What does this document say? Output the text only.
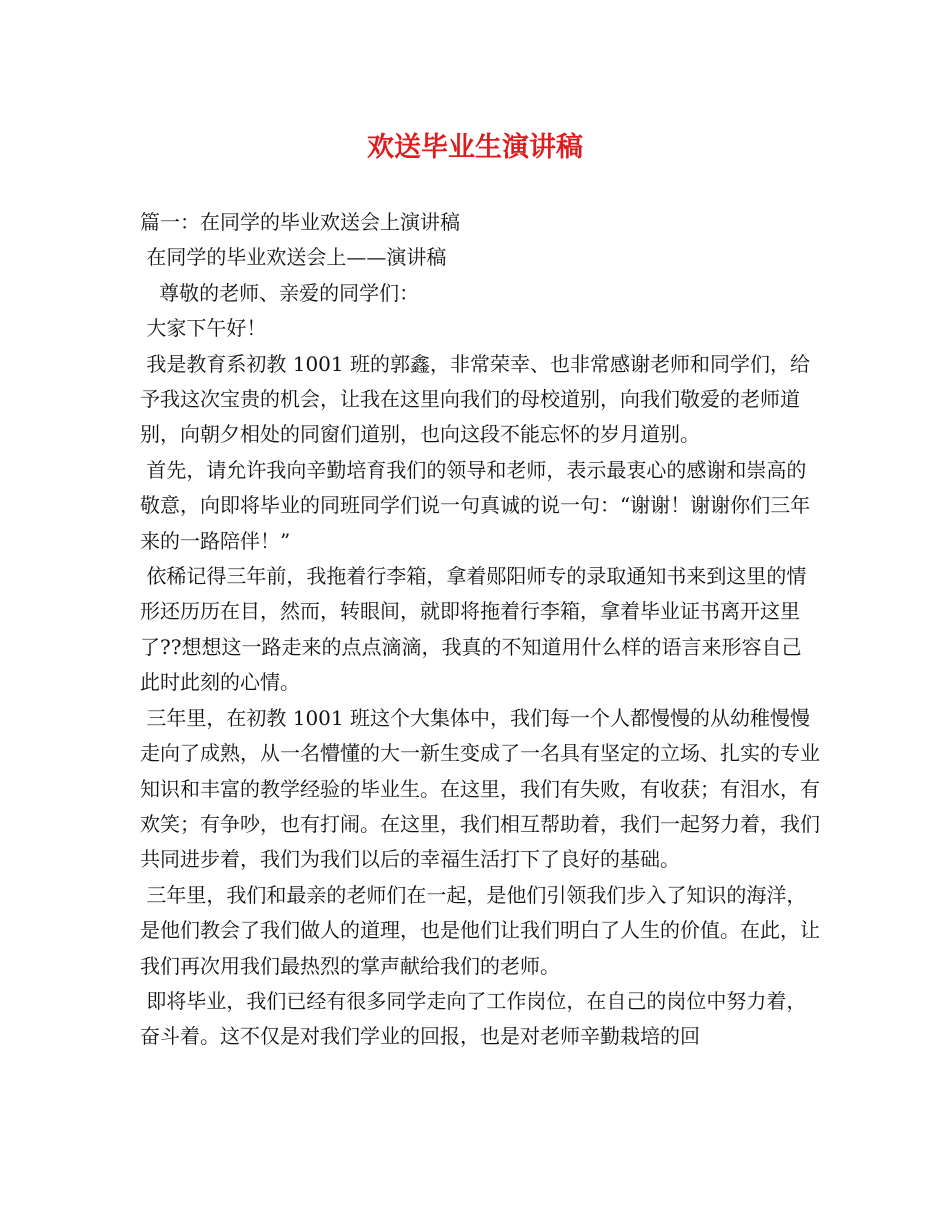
欢送毕业生演讲稿

篇一：在同学的毕业欢送会上演讲稿

在同学的毕业欢送会上——演讲稿

尊敬的老师、亲爱的同学们：

大家下午好！

我是教育系初教 1001 班的郭鑫，非常荣幸、也非常感谢老师和同学们，给予我这次宝贵的机会，让我在这里向我们的母校道别，向我们敬爱的老师道别，向朝夕相处的同窗们道别，也向这段不能忘怀的岁月道别。

首先，请允许我向辛勤培育我们的领导和老师，表示最衷心的感谢和崇高的敬意，向即将毕业的同班同学们说一句真诚的说一句：“谢谢！谢谢你们三年来的一路陪伴！”

依稀记得三年前，我拖着行李箱，拿着郧阳师专的录取通知书来到这里的情形还历历在目，然而，转眼间，就即将拖着行李箱，拿着毕业证书离开这里了??想想这一路走来的点点滴滴，我真的不知道用什么样的语言来形容自己此时此刻的心情。

三年里，在初教 1001 班这个大集体中，我们每一个人都慢慢的从幼稚慢慢走向了成熟，从一名懵懂的大一新生变成了一名具有坚定的立场、扎实的专业知识和丰富的教学经验的毕业生。在这里，我们有失败，有收获；有泪水，有欢笑；有争吵，也有打闹。在这里，我们相互帮助着，我们一起努力着，我们共同进步着，我们为我们以后的幸福生活打下了良好的基础。

三年里，我们和最亲的老师们在一起，是他们引领我们步入了知识的海洋，是他们教会了我们做人的道理，也是他们让我们明白了人生的价值。在此，让我们再次用我们最热烈的掌声献给我们的老师。

即将毕业，我们已经有很多同学走向了工作岗位，在自己的岗位中努力着，奋斗着。这不仅是对我们学业的回报，也是对老师辛勤栽培的回
